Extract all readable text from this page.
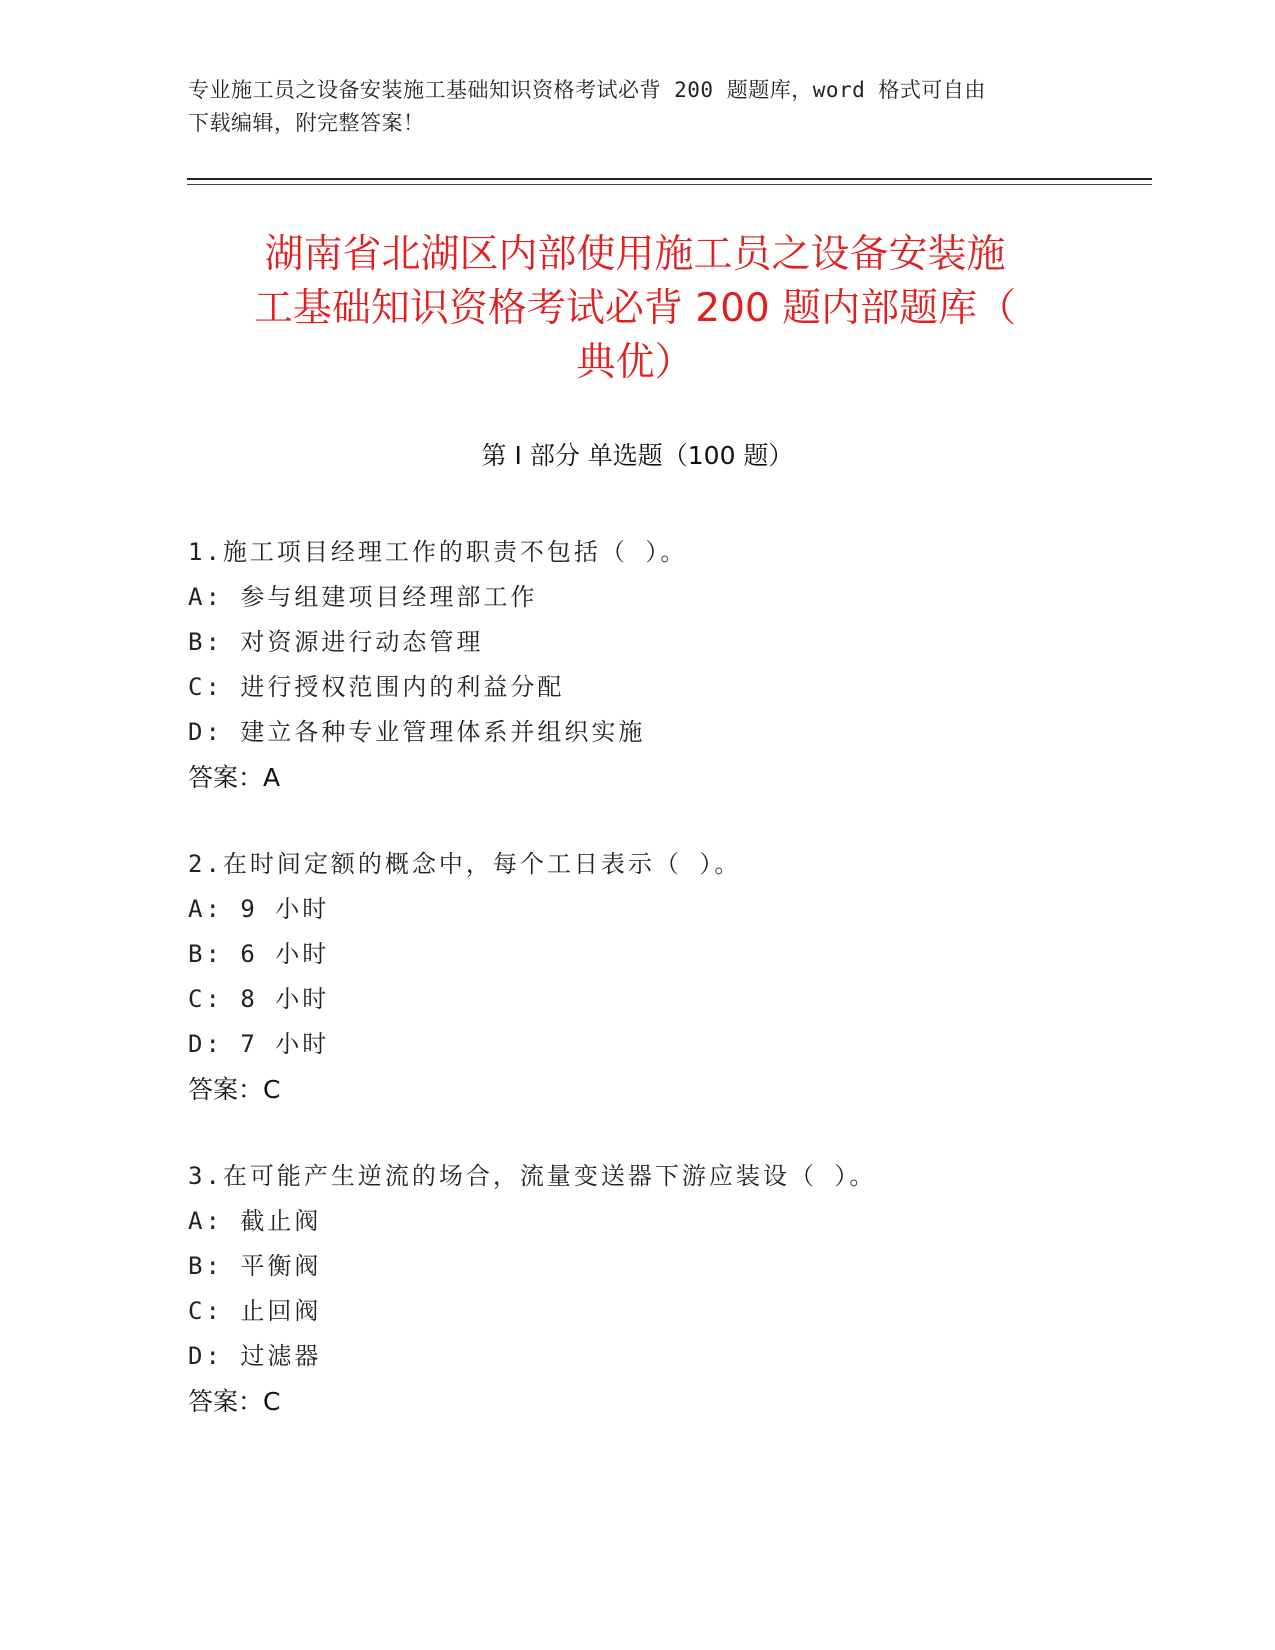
专业施工员之设备安装施工基础知识资格考试必背 200 题题库，word 格式可自由
下载编辑，附完整答案！
湖南省北湖区内部使用施工员之设备安装施
工基础知识资格考试必背 200 题内部题库（
典优）
第 I 部分 单选题（100 题）

1.施工项目经理工作的职责不包括（ ）。

A: 参与组建项目经理部工作

B: 对资源进行动态管理

C: 进行授权范围内的利益分配

D: 建立各种专业管理体系并组织实施

答案：A

2.在时间定额的概念中，每个工日表示（ ）。

A: 9 小时

B: 6 小时

C: 8 小时

D: 7 小时

答案：C

3.在可能产生逆流的场合，流量变送器下游应装设（ ）。

A: 截止阀

B: 平衡阀

C: 止回阀

D: 过滤器

答案：C
